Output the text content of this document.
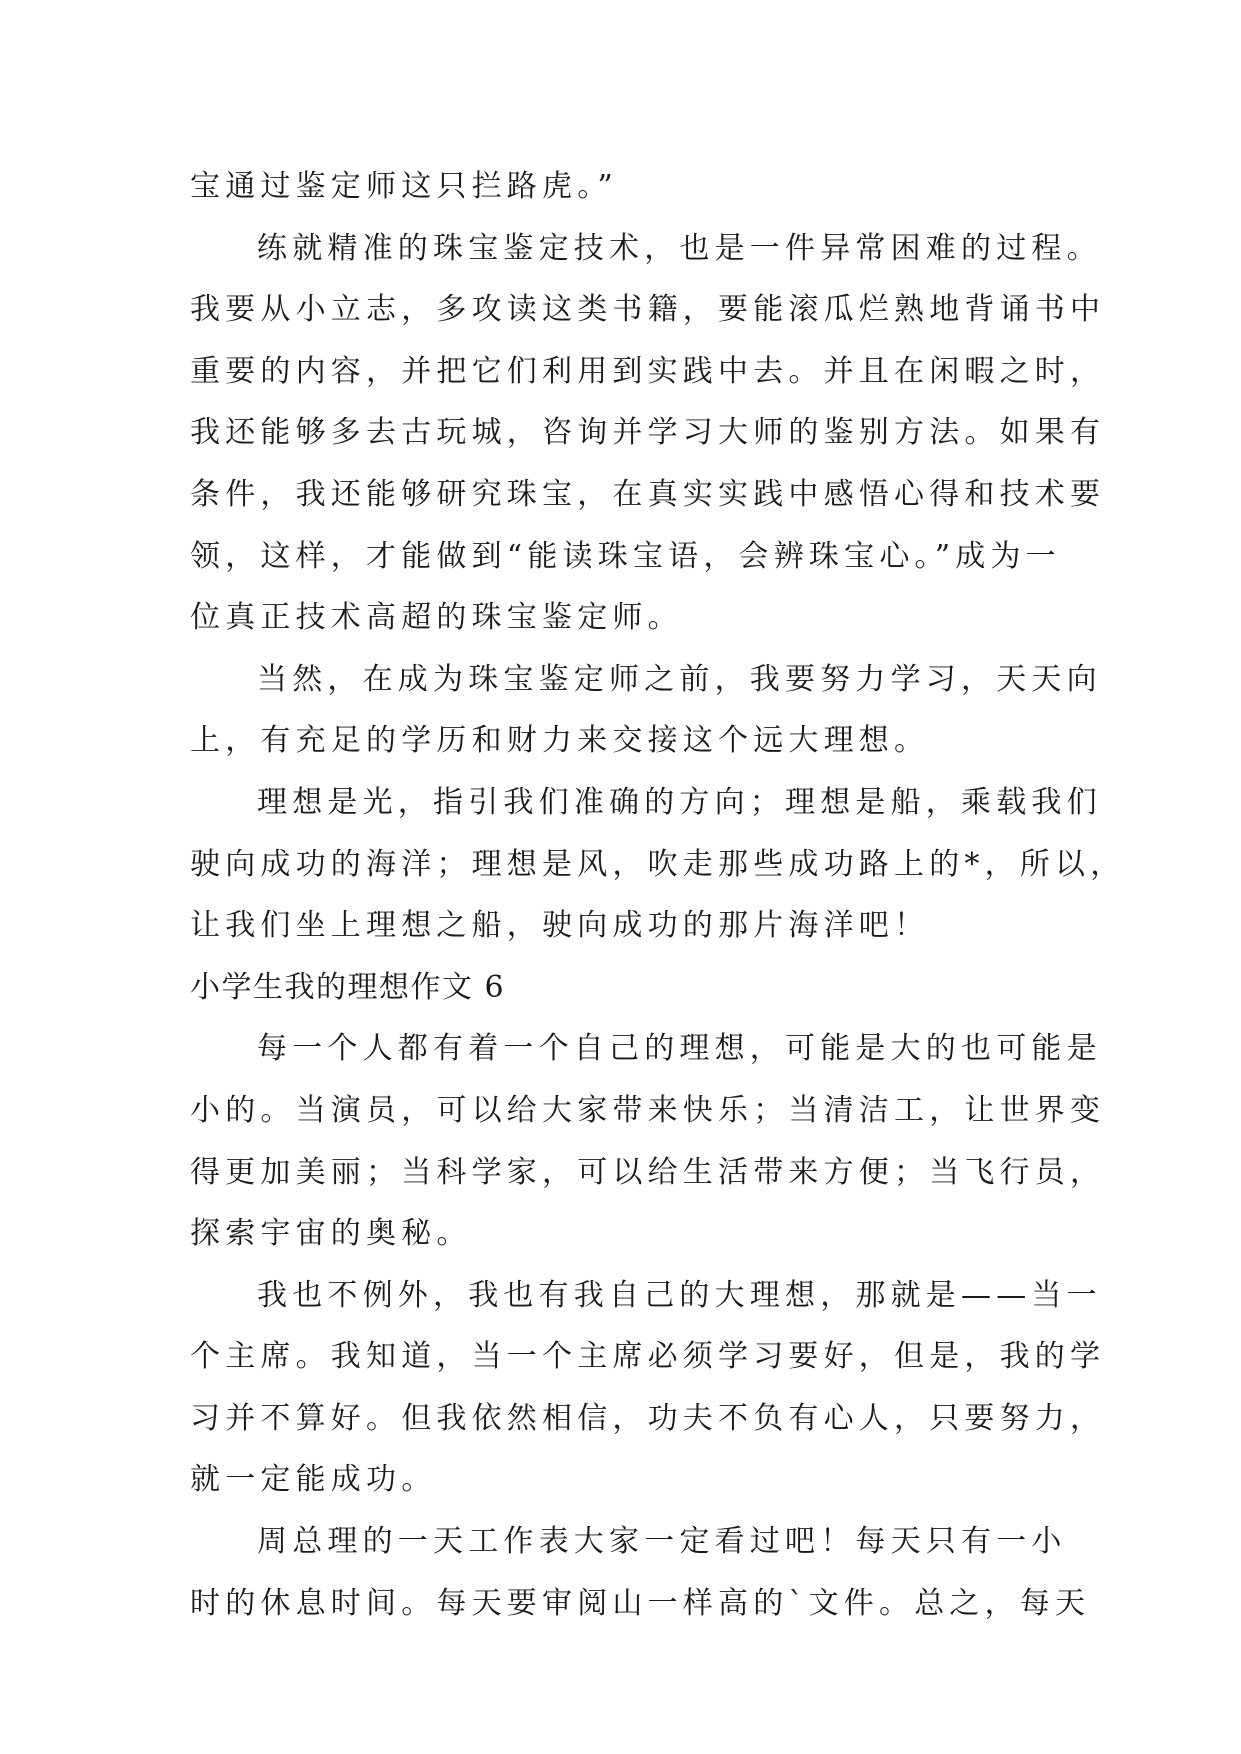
宝通过鉴定师这只拦路虎。”
练就精准的珠宝鉴定技术，也是一件异常困难的过程。
我要从小立志，多攻读这类书籍，要能滚瓜烂熟地背诵书中
重要的内容，并把它们利用到实践中去。并且在闲暇之时，
我还能够多去古玩城，咨询并学习大师的鉴别方法。如果有
条件，我还能够研究珠宝，在真实实践中感悟心得和技术要
领，这样，才能做到“能读珠宝语，会辨珠宝心。”成为一
位真正技术高超的珠宝鉴定师。
当然，在成为珠宝鉴定师之前，我要努力学习，天天向
上，有充足的学历和财力来交接这个远大理想。
理想是光，指引我们准确的方向；理想是船，乘载我们
驶向成功的海洋；理想是风，吹走那些成功路上的*，所以，
让我们坐上理想之船，驶向成功的那片海洋吧！
小学生我的理想作文 6
每一个人都有着一个自己的理想，可能是大的也可能是
小的。当演员，可以给大家带来快乐；当清洁工，让世界变
得更加美丽；当科学家，可以给生活带来方便；当飞行员，
探索宇宙的奥秘。
我也不例外，我也有我自己的大理想，那就是——当一
个主席。我知道，当一个主席必须学习要好，但是，我的学
习并不算好。但我依然相信，功夫不负有心人，只要努力，
就一定能成功。
周总理的一天工作表大家一定看过吧！每天只有一小
时的休息时间。每天要审阅山一样高的`文件。总之，每天
